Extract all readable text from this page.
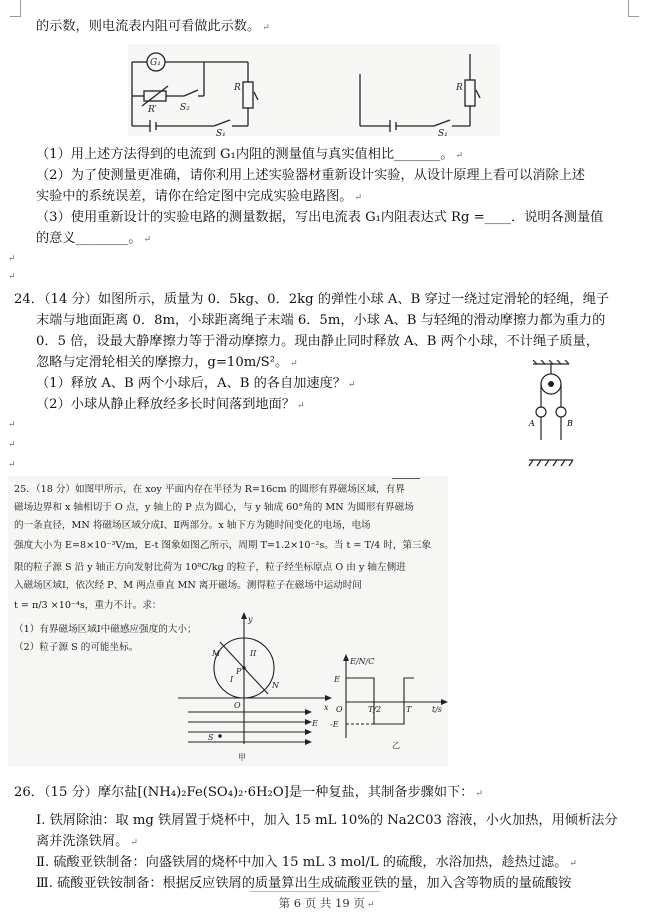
的示数，则电流表内阻可看做此示数。 ↵
G₁
R′	S₂
R
S₁
R
S₁
（1）用上述方法得到的电流到 G₁内阻的测量值与真实值相比_______。 ↵
（2）为了使测量更准确，请你利用上述实验器材重新设计实验，从设计原理上看可以消除上述
实验中的系统误差，请你在给定图中完成实验电路图。 ↵
（3）使用重新设计的实验电路的测量数据，写出电流表 G₁内阻表达式 Rg =____．说明各测量值
的意义________。 ↵
↵
↵
24．（14 分）如图所示，质量为 0．5kg、0．2kg 的弹性小球 A、B 穿过一绕过定滑轮的轻绳，绳子
末端与地面距离 0．8m，小球距离绳子末端 6．5m，小球 A、B 与轻绳的滑动摩擦力都为重力的
0．5 倍，设最大静摩擦力等于滑动摩擦力。现由静止同时释放 A、B 两个小球，不计绳子质量，
忽略与定滑轮相关的摩擦力，g=10m/S²。 ↵
（1）释放 A、B 两个小球后，A、B 的各自加速度？ ↵
（2）小球从静止释放经多长时间落到地面？ ↵
↵
↵
↵
A	B
25．（18 分）如图甲所示，在 xoy 平面内存在半径为 R=16cm 的圆形有界磁场区域，有界
磁场边界和 x 轴相切于 O 点，y 轴上的 P 点为圆心，与 y 轴成 60°角的 MN 为圆形有界磁场
的一条直径，MN 将磁场区域分成Ⅰ、Ⅱ两部分。x 轴下方为随时间变化的电场，电场
强度大小为 E=8×10⁻³V/m，E-t 图象如图乙所示，周期 T=1.2×10⁻²s。当 t = T/4 时，第三象
限的粒子源 S 沿 y 轴正方向发射比荷为 10⁸C/kg 的粒子，粒子经坐标原点 O 由 y 轴左侧进
入磁场区域Ⅰ，依次经 P、M 两点垂直 MN 离开磁场。测得粒子在磁场中运动时间
t = π/3 ×10⁻⁴s，重力不计。求：
（1）有界磁场区域Ⅰ中磁感应强度的大小；
（2）粒子源 S 的可能坐标。
y
M	II
I
P
N
O	x
E
S
甲
E/N/C
E
-E
O	T/2	T	t/s
乙
26．（15 分）摩尔盐[(NH₄)₂Fe(SO₄)₂·6H₂O]是一种复盐，其制备步骤如下： ↵
Ⅰ. 铁屑除油：取 mg 铁屑置于烧杯中，加入 15 mL 10%的 Na2C03 溶液，小火加热，用倾析法分
离并洗涤铁屑。 ↵
Ⅱ. 硫酸亚铁制备：向盛铁屑的烧杯中加入 15 mL 3 mol/L 的硫酸，水浴加热，趁热过滤。 ↵
Ⅲ. 硫酸亚铁铵制备：根据反应铁屑的质量算出生成硫酸亚铁的量，加入含等物质的量硫酸铵
第 6 页 共 19 页 ↵
